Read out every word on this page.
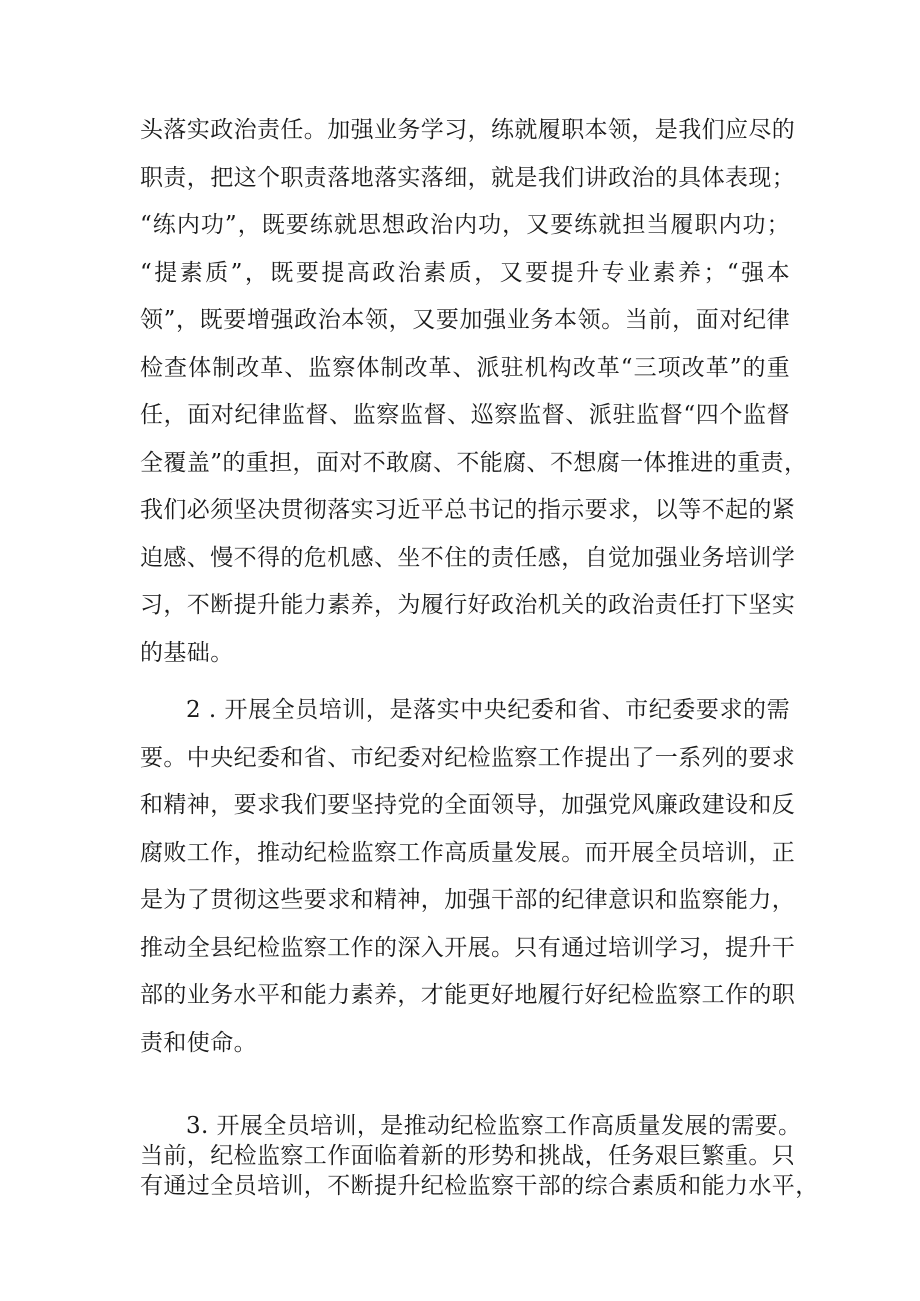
头落实政治责任。加强业务学习，练就履职本领，是我们应尽的
职责，把这个职责落地落实落细，就是我们讲政治的具体表现；
“练内功”，既要练就思想政治内功，又要练就担当履职内功；
“提素质”，既要提高政治素质，又要提升专业素养；“强本
领”，既要增强政治本领，又要加强业务本领。当前，面对纪律
检查体制改革、监察体制改革、派驻机构改革“三项改革”的重
任，面对纪律监督、监察监督、巡察监督、派驻监督“四个监督
全覆盖”的重担，面对不敢腐、不能腐、不想腐一体推进的重责，
我们必须坚决贯彻落实习近平总书记的指示要求，以等不起的紧
迫感、慢不得的危机感、坐不住的责任感，自觉加强业务培训学
习，不断提升能力素养，为履行好政治机关的政治责任打下坚实
的基础。
2 . 开展全员培训，是落实中央纪委和省、市纪委要求的需
要。中央纪委和省、市纪委对纪检监察工作提出了一系列的要求
和精神，要求我们要坚持党的全面领导，加强党风廉政建设和反
腐败工作，推动纪检监察工作高质量发展。而开展全员培训，正
是为了贯彻这些要求和精神，加强干部的纪律意识和监察能力，
推动全县纪检监察工作的深入开展。只有通过培训学习，提升干
部的业务水平和能力素养，才能更好地履行好纪检监察工作的职
责和使命。
3. 开展全员培训，是推动纪检监察工作高质量发展的需要。
当前，纪检监察工作面临着新的形势和挑战，任务艰巨繁重。只
有通过全员培训，不断提升纪检监察干部的综合素质和能力水平，
